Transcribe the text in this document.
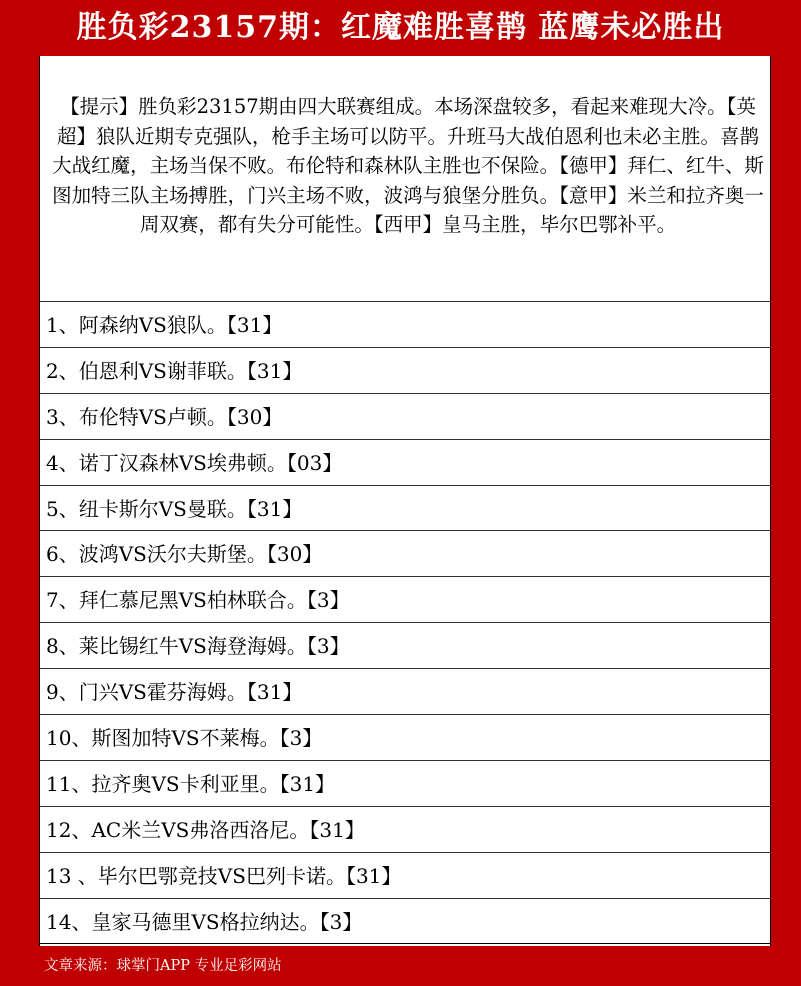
胜负彩23157期：红魔难胜喜鹊 蓝鹰未必胜出
【提示】胜负彩23157期由四大联赛组成。本场深盘较多，看起来难现大冷。【英超】狼队近期专克强队，枪手主场可以防平。升班马大战伯恩利也未必主胜。喜鹊大战红魔，主场当保不败。布伦特和森林队主胜也不保险。【德甲】拜仁、红牛、斯图加特三队主场搏胜，门兴主场不败，波鸿与狼堡分胜负。【意甲】米兰和拉齐奥一周双赛，都有失分可能性。【西甲】皇马主胜，毕尔巴鄂补平。
1、阿森纳VS狼队。【31】
2、伯恩利VS谢菲联。【31】
3、布伦特VS卢顿。【30】
4、诺丁汉森林VS埃弗顿。【03】
5、纽卡斯尔VS曼联。【31】
6、波鸿VS沃尔夫斯堡。【30】
7、拜仁慕尼黑VS柏林联合。【3】
8、莱比锡红牛VS海登海姆。【3】
9、门兴VS霍芬海姆。【31】
10、斯图加特VS不莱梅。【3】
11、拉齐奥VS卡利亚里。【31】
12、AC米兰VS弗洛西洛尼。【31】
13 、毕尔巴鄂竞技VS巴列卡诺。【31】
14、皇家马德里VS格拉纳达。【3】
文章来源：球掌门APP 专业足彩网站
